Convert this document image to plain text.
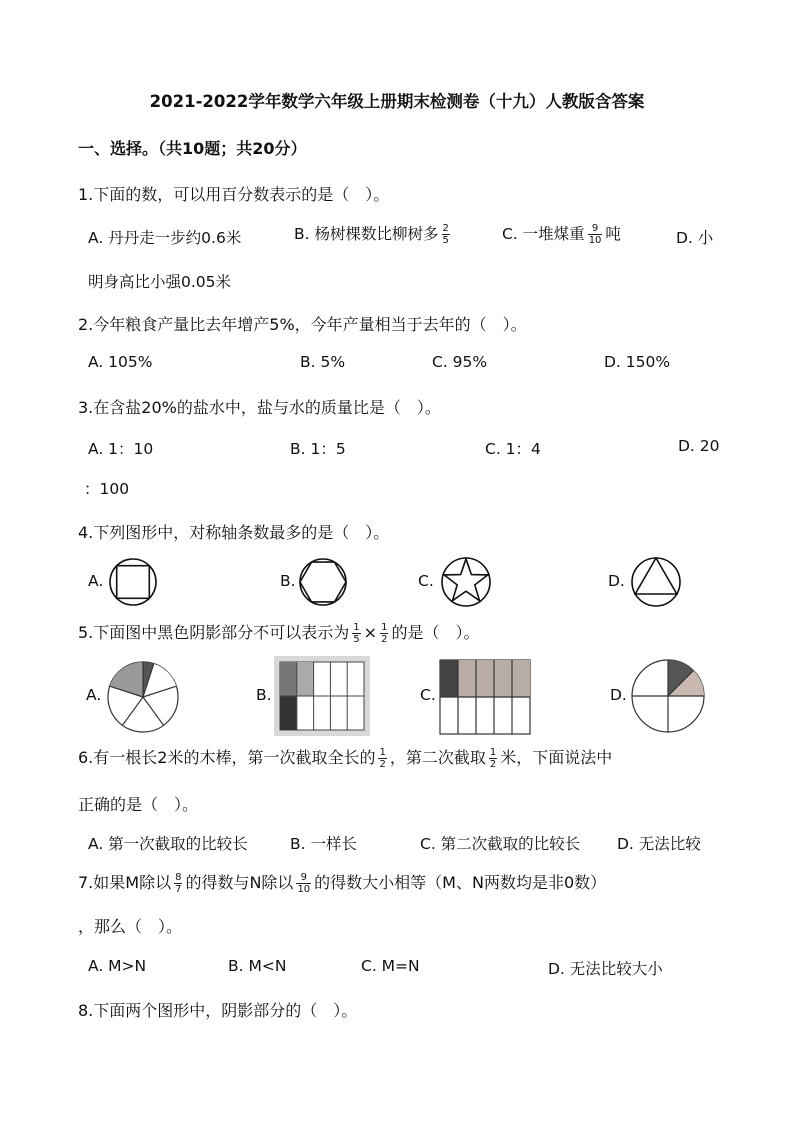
2021-2022学年数学六年级上册期末检测卷（十九）人教版含答案
一、选择。（共10题；共20分）
1.下面的数，可以用百分数表示的是（　）。
A. 丹丹走一步约0.6米	B. 杨树棵数比柳树多 $\frac{2}{5}$	C. 一堆煤重 $\frac{9}{10}$ 吨	D. 小
明身高比小强0.05米
2.今年粮食产量比去年增产5%，今年产量相当于去年的（　）。
A. 105%	B. 5%	C. 95%	D. 150%
3.在含盐20%的盐水中，盐与水的质量比是（　）。
A. 1：10	B. 1：5	C. 1：4	D. 20
：100
4.下列图形中，对称轴条数最多的是（　）。
A.	B.	C.	D.
5.下面图中黑色阴影部分不可以表示为 $\frac{1}{5} \times \frac{1}{2}$ 的是（　）。
A.	B.	C.	D.
6.有一根长2米的木棒，第一次截取全长的 $\frac{1}{2}$ ，第二次截取 $\frac{1}{2}$ 米，下面说法中
正确的是（　）。
A. 第一次截取的比较长	B. 一样长	C. 第二次截取的比较长 D. 无法比较
7.如果M除以 $\frac{8}{7}$ 的得数与N除以 $\frac{9}{10}$ 的得数大小相等（M、N两数均是非0数）
，那么（　）。
A. M>N	B. M<N	C. M=N	D. 无法比较大小
8.下面两个图形中，阴影部分的（　）。
